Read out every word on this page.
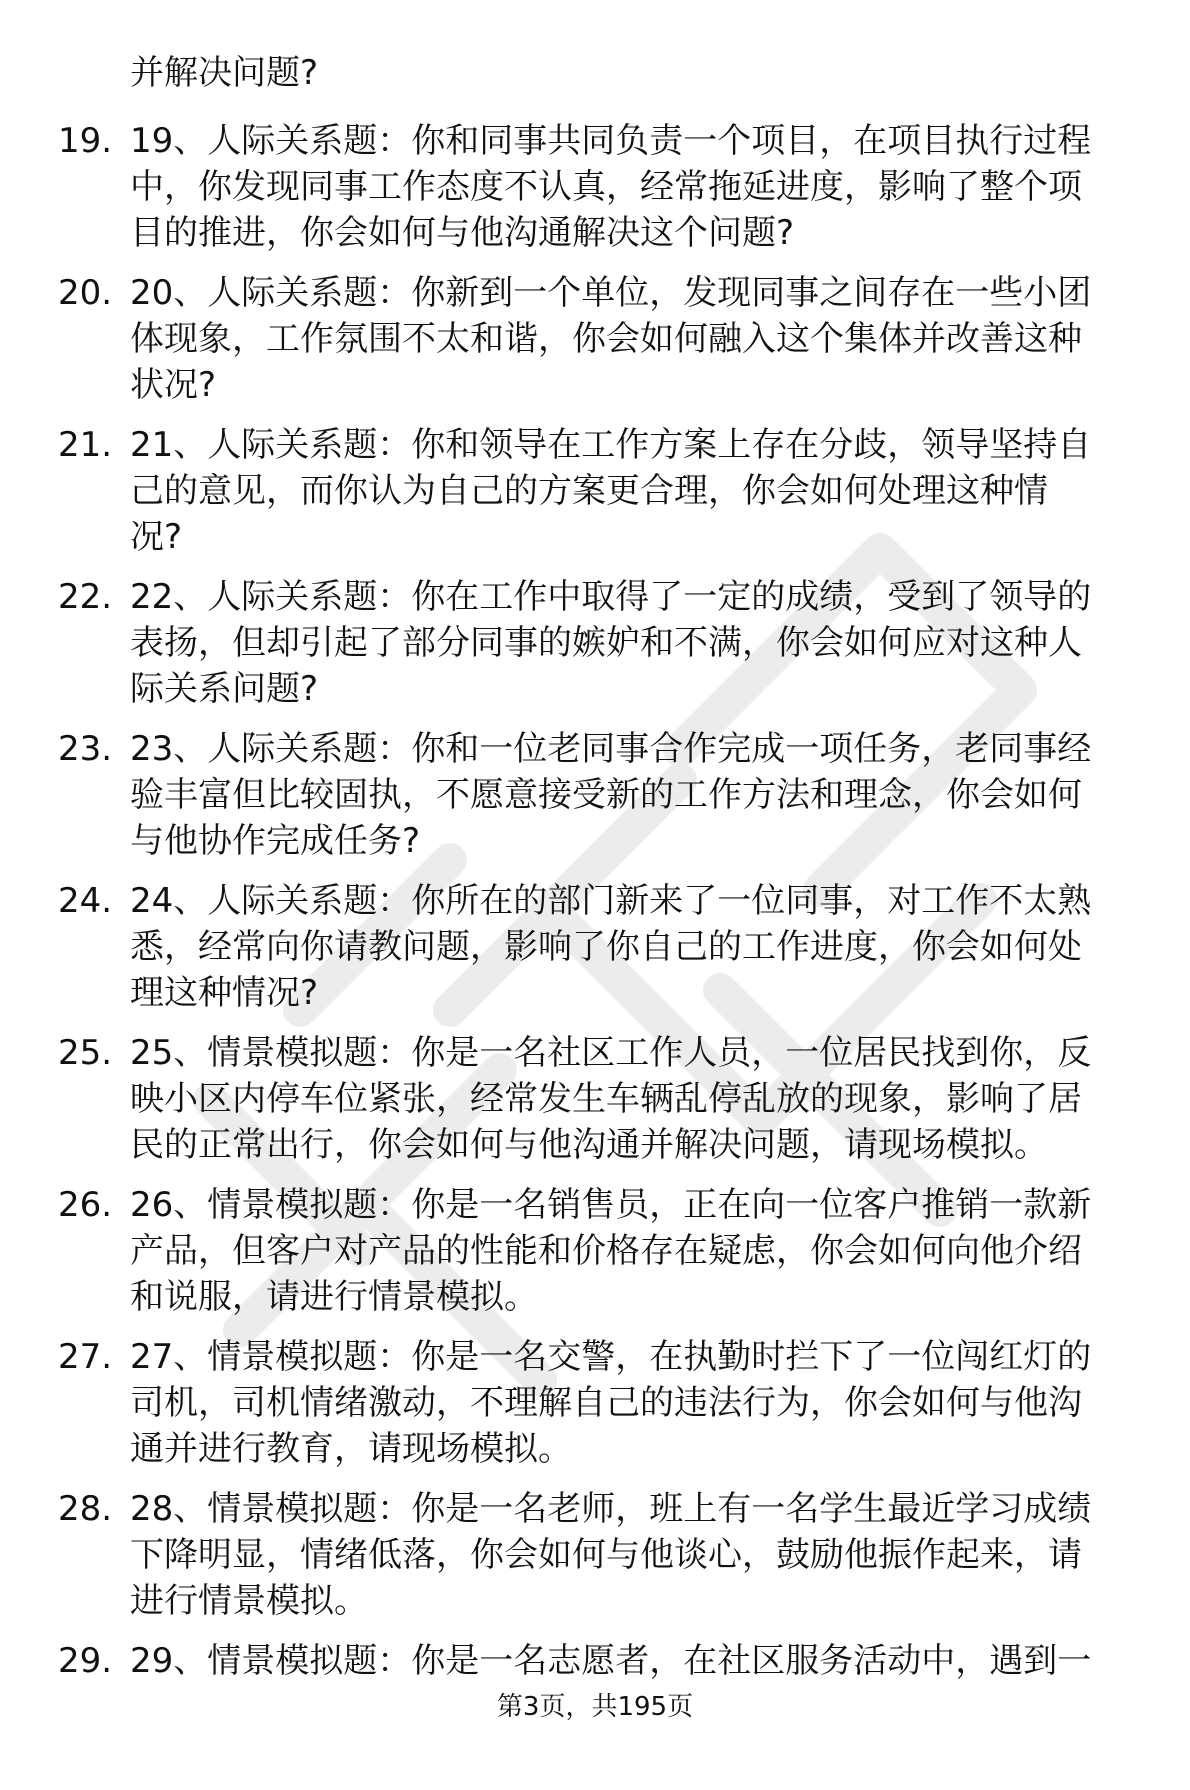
并解决问题?
19. 19、人际关系题：你和同事共同负责一个项目，在项目执行过程
中，你发现同事工作态度不认真，经常拖延进度，影响了整个项
目的推进，你会如何与他沟通解决这个问题?
20. 20、人际关系题：你新到一个单位，发现同事之间存在一些小团
体现象，工作氛围不太和谐，你会如何融入这个集体并改善这种
状况?
21. 21、人际关系题：你和领导在工作方案上存在分歧，领导坚持自
己的意见，而你认为自己的方案更合理，你会如何处理这种情
况?
22. 22、人际关系题：你在工作中取得了一定的成绩，受到了领导的
表扬，但却引起了部分同事的嫉妒和不满，你会如何应对这种人
际关系问题?
23. 23、人际关系题：你和一位老同事合作完成一项任务，老同事经
验丰富但比较固执，不愿意接受新的工作方法和理念，你会如何
与他协作完成任务?
24. 24、人际关系题：你所在的部门新来了一位同事，对工作不太熟
悉，经常向你请教问题，影响了你自己的工作进度，你会如何处
理这种情况?
25. 25、情景模拟题：你是一名社区工作人员，一位居民找到你，反
映小区内停车位紧张，经常发生车辆乱停乱放的现象，影响了居
民的正常出行，你会如何与他沟通并解决问题，请现场模拟。
26. 26、情景模拟题：你是一名销售员，正在向一位客户推销一款新
产品，但客户对产品的性能和价格存在疑虑，你会如何向他介绍
和说服，请进行情景模拟。
27. 27、情景模拟题：你是一名交警，在执勤时拦下了一位闯红灯的
司机，司机情绪激动，不理解自己的违法行为，你会如何与他沟
通并进行教育，请现场模拟。
28. 28、情景模拟题：你是一名老师，班上有一名学生最近学习成绩
下降明显，情绪低落，你会如何与他谈心，鼓励他振作起来，请
进行情景模拟。
29. 29、情景模拟题：你是一名志愿者，在社区服务活动中，遇到一
第3页，共195页
